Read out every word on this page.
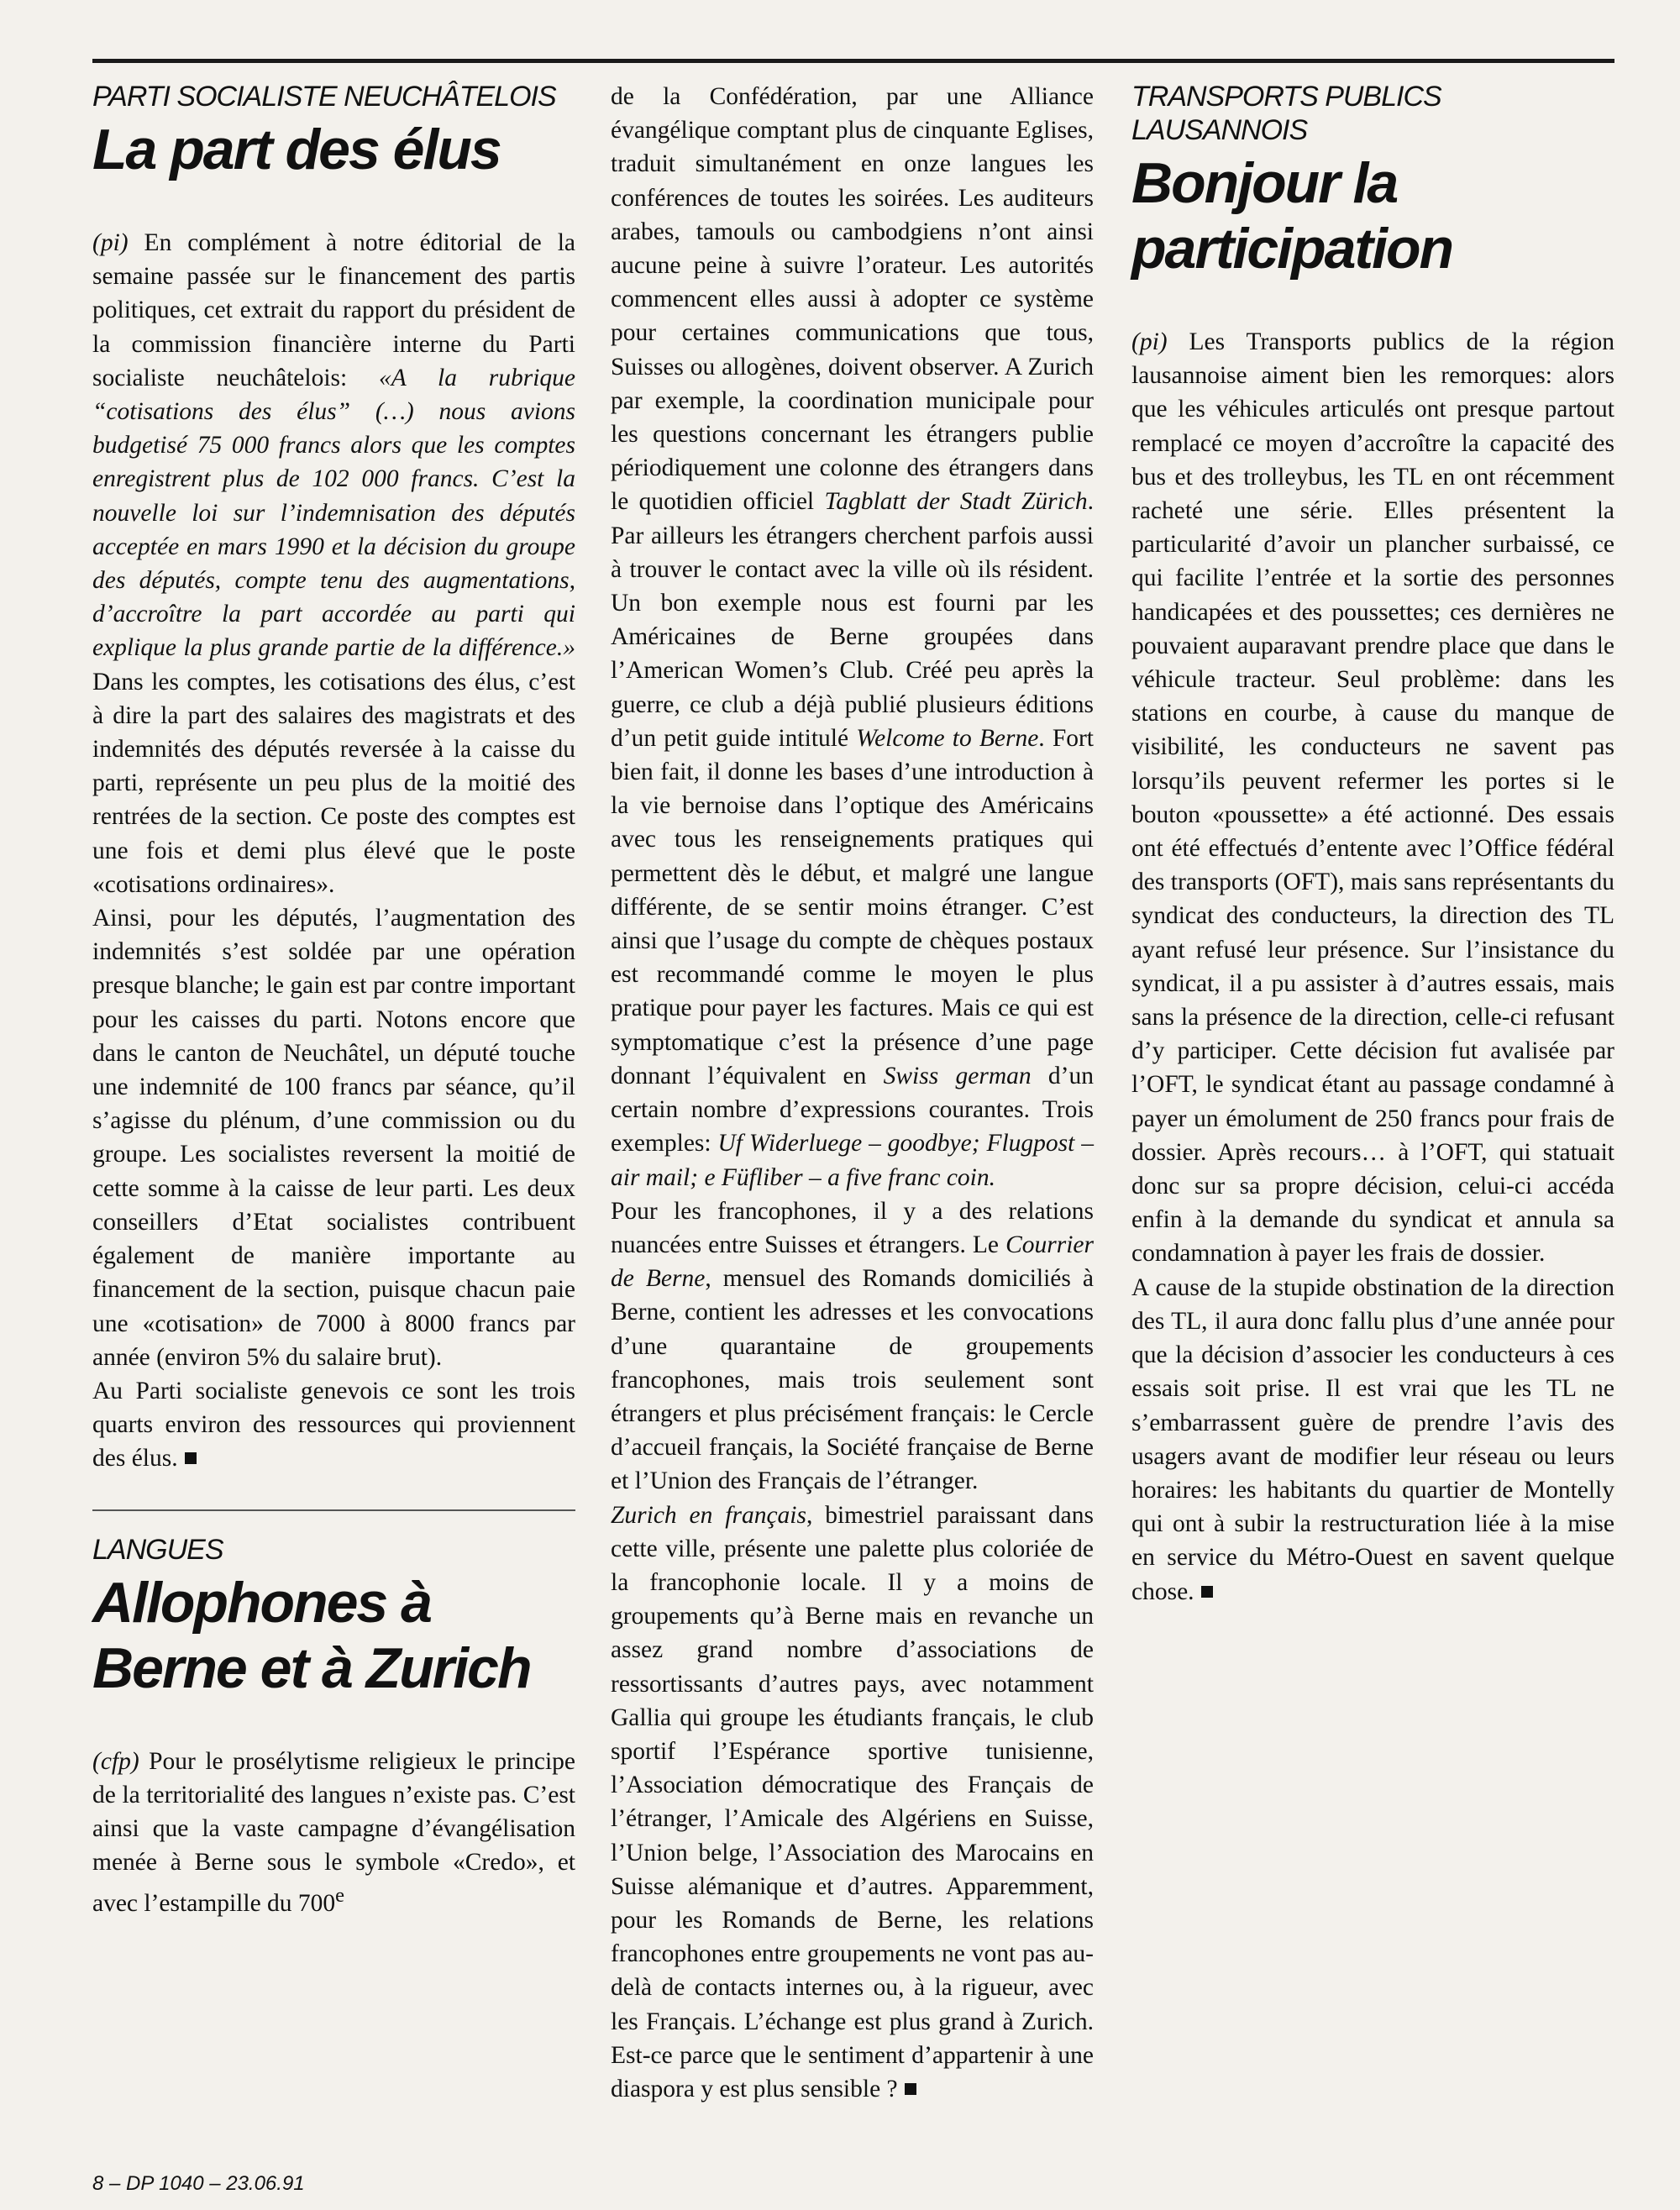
PARTI SOCIALISTE NEUCHÂTELOIS
La part des élus

(pi) En complément à notre éditorial de la semaine passée sur le financement des partis politiques, cet extrait du rapport du président de la commission financière interne du Parti socialiste neuchâtelois: «A la rubrique “cotisations des élus” (…) nous avions budgetisé 75 000 francs alors que les comptes enregistrent plus de 102 000 francs. C’est la nouvelle loi sur l’indemnisation des députés acceptée en mars 1990 et la décision du groupe des députés, compte tenu des augmentations, d’accroître la part accordée au parti qui explique la plus grande partie de la différence.» Dans les comptes, les cotisations des élus, c’est à dire la part des salaires des magistrats et des indemnités des députés reversée à la caisse du parti, représente un peu plus de la moitié des rentrées de la section. Ce poste des comptes est une fois et demi plus élevé que le poste «cotisations ordinaires».

Ainsi, pour les députés, l’augmentation des indemnités s’est soldée par une opération presque blanche; le gain est par contre important pour les caisses du parti. Notons encore que dans le canton de Neuchâtel, un député touche une indemnité de 100 francs par séance, qu’il s’agisse du plénum, d’une commission ou du groupe. Les socialistes reversent la moitié de cette somme à la caisse de leur parti. Les deux conseillers d’Etat socialistes contribuent également de manière importante au financement de la section, puisque chacun paie une «cotisation» de 7000 à 8000 francs par année (environ 5% du salaire brut).

Au Parti socialiste genevois ce sont les trois quarts environ des ressources qui proviennent des élus.

LANGUES
Allophones à Berne et à Zurich

(cfp) Pour le prosélytisme religieux le principe de la territorialité des langues n’existe pas. C’est ainsi que la vaste campagne d’évangélisation menée à Berne sous le symbole «Credo», et avec l’estampille du 700e

de la Confédération, par une Alliance évangélique comptant plus de cinquante Eglises, traduit simultanément en onze langues les conférences de toutes les soirées. Les auditeurs arabes, tamouls ou cambodgiens n’ont ainsi aucune peine à suivre l’orateur. Les autorités commencent elles aussi à adopter ce système pour certaines communications que tous, Suisses ou allogènes, doivent observer. A Zurich par exemple, la coordination municipale pour les questions concernant les étrangers publie périodiquement une colonne des étrangers dans le quotidien officiel Tagblatt der Stadt Zürich. Par ailleurs les étrangers cherchent parfois aussi à trouver le contact avec la ville où ils résident. Un bon exemple nous est fourni par les Américaines de Berne groupées dans l’American Women’s Club. Créé peu après la guerre, ce club a déjà publié plusieurs éditions d’un petit guide intitulé Welcome to Berne. Fort bien fait, il donne les bases d’une introduction à la vie bernoise dans l’optique des Américains avec tous les renseignements pratiques qui permettent dès le début, et malgré une langue différente, de se sentir moins étranger. C’est ainsi que l’usage du compte de chèques postaux est recommandé comme le moyen le plus pratique pour payer les factures. Mais ce qui est symptomatique c’est la présence d’une page donnant l’équivalent en Swiss german d’un certain nombre d’expressions courantes. Trois exemples: Uf Widerluege – goodbye; Flugpost – air mail; e Füfliber – a five franc coin.

Pour les francophones, il y a des relations nuancées entre Suisses et étrangers. Le Courrier de Berne, mensuel des Romands domiciliés à Berne, contient les adresses et les convocations d’une quarantaine de groupements francophones, mais trois seulement sont étrangers et plus précisément français: le Cercle d’accueil français, la Société française de Berne et l’Union des Français de l’étranger.

Zurich en français, bimestriel paraissant dans cette ville, présente une palette plus coloriée de la francophonie locale. Il y a moins de groupements qu’à Berne mais en revanche un assez grand nombre d’associations de ressortissants d’autres pays, avec notamment Gallia qui groupe les étudiants français, le club sportif l’Espérance sportive tunisienne, l’Association démocratique des Français de l’étranger, l’Amicale des Algériens en Suisse, l’Union belge, l’Association des Marocains en Suisse alémanique et d’autres. Apparemment, pour les Romands de Berne, les relations francophones entre groupements ne vont pas au-delà de contacts internes ou, à la rigueur, avec les Français. L’échange est plus grand à Zurich. Est-ce parce que le sentiment d’appartenir à une diaspora y est plus sensible ?

TRANSPORTS PUBLICS LAUSANNOIS
Bonjour la participation

(pi) Les Transports publics de la région lausannoise aiment bien les remorques: alors que les véhicules articulés ont presque partout remplacé ce moyen d’accroître la capacité des bus et des trolleybus, les TL en ont récemment racheté une série. Elles présentent la particularité d’avoir un plancher surbaissé, ce qui facilite l’entrée et la sortie des personnes handicapées et des poussettes; ces dernières ne pouvaient auparavant prendre place que dans le véhicule tracteur. Seul problème: dans les stations en courbe, à cause du manque de visibilité, les conducteurs ne savent pas lorsqu’ils peuvent refermer les portes si le bouton «poussette» a été actionné. Des essais ont été effectués d’entente avec l’Office fédéral des transports (OFT), mais sans représentants du syndicat des conducteurs, la direction des TL ayant refusé leur présence. Sur l’insistance du syndicat, il a pu assister à d’autres essais, mais sans la présence de la direction, celle-ci refusant d’y participer. Cette décision fut avalisée par l’OFT, le syndicat étant au passage condamné à payer un émolument de 250 francs pour frais de dossier. Après recours… à l’OFT, qui statuait donc sur sa propre décision, celui-ci accéda enfin à la demande du syndicat et annula sa condamnation à payer les frais de dossier.

A cause de la stupide obstination de la direction des TL, il aura donc fallu plus d’une année pour que la décision d’associer les conducteurs à ces essais soit prise. Il est vrai que les TL ne s’embarrassent guère de prendre l’avis des usagers avant de modifier leur réseau ou leurs horaires: les habitants du quartier de Montelly qui ont à subir la restructuration liée à la mise en service du Métro-Ouest en savent quelque chose.

8 – DP 1040 – 23.06.91
